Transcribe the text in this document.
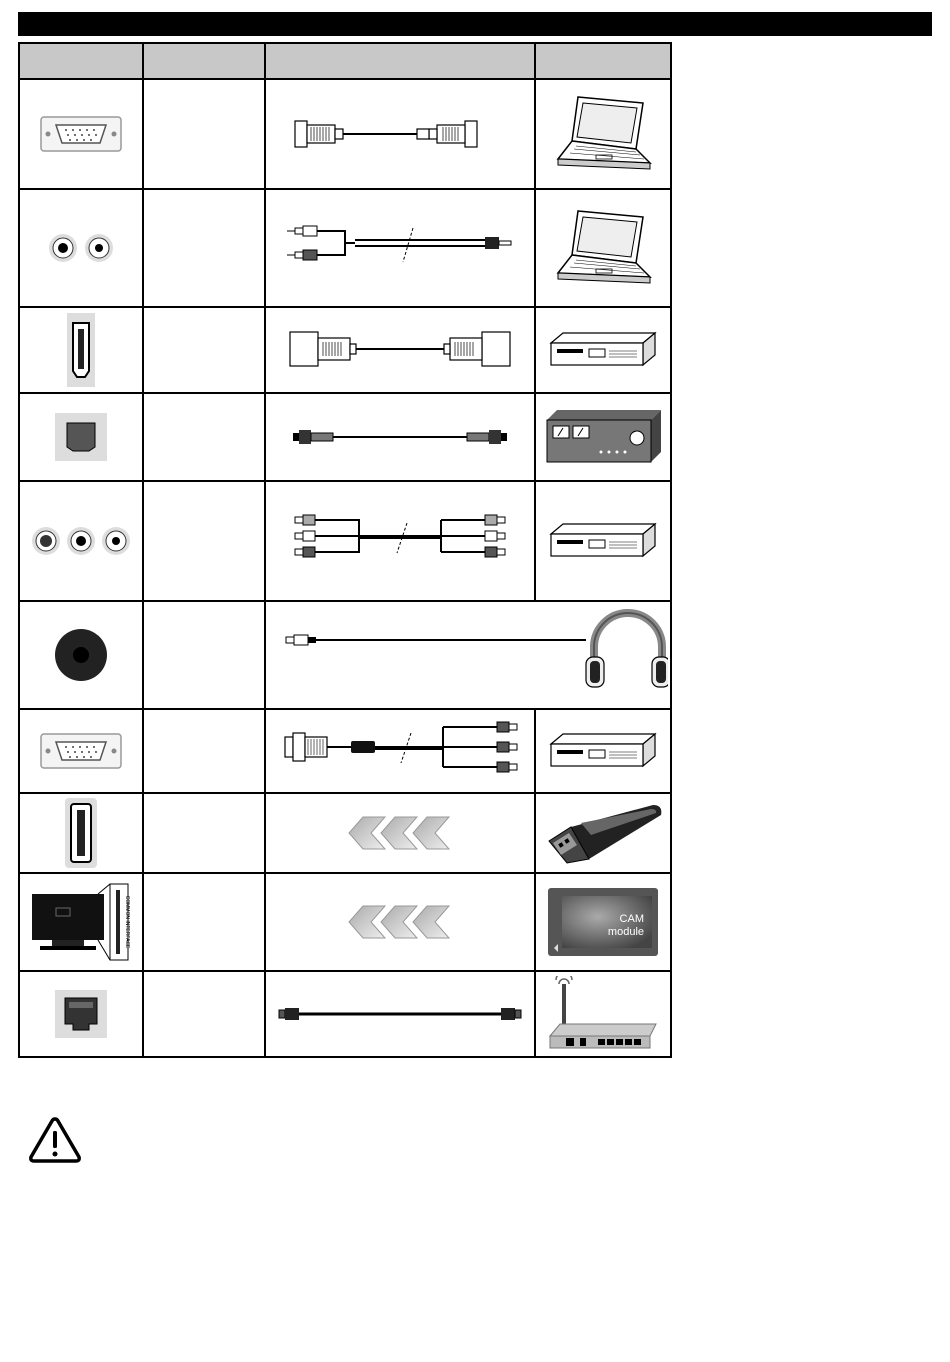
COMMON INTERFACE			CAM
module
